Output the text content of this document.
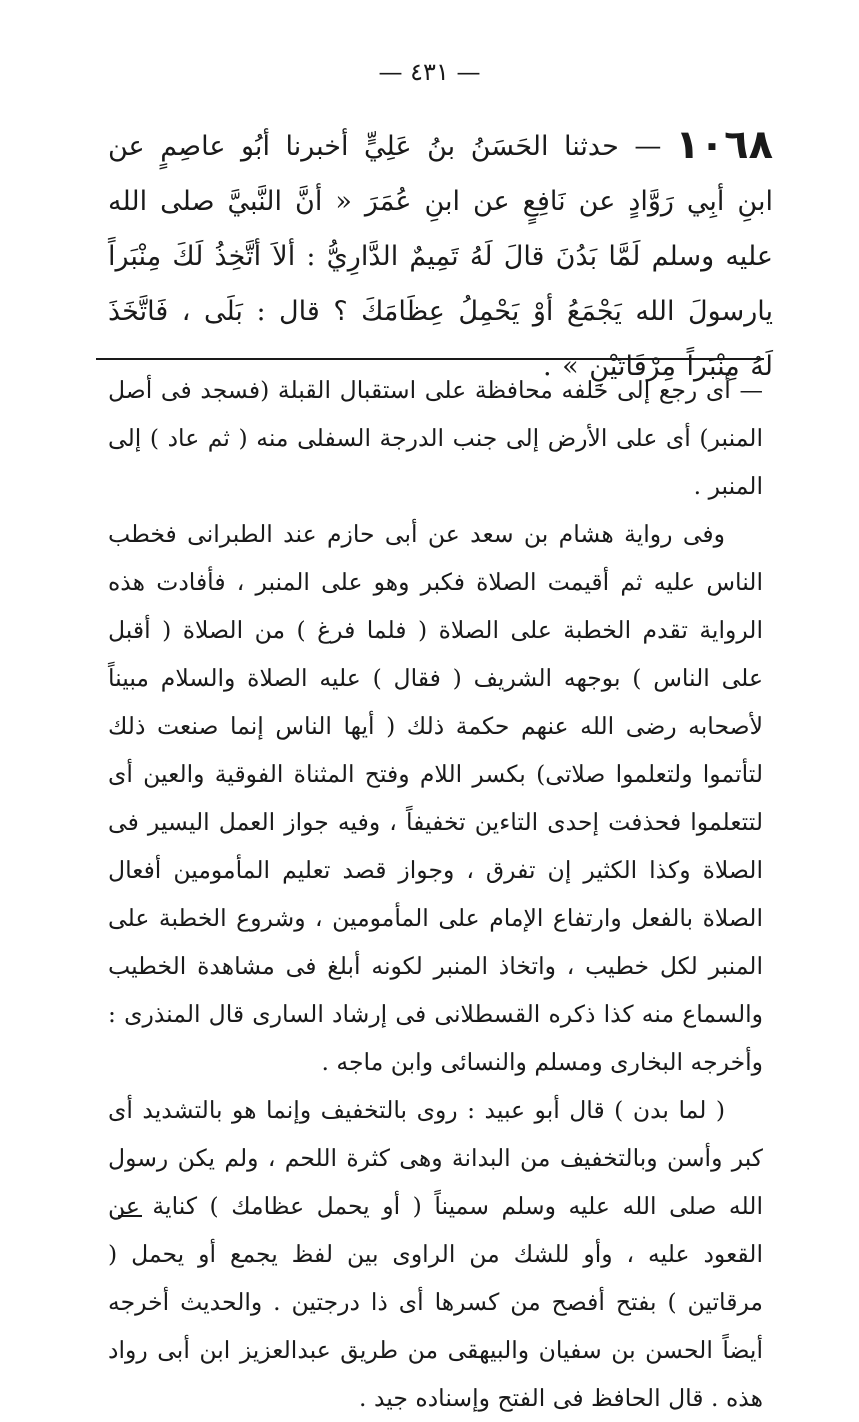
— ٤٣١ —
١٠٦٨— حدثنا الحَسَنُ بنُ عَلِيٍّ أخبرنا أبُو عاصِمٍ عن ابنِ أبِي رَوَّادٍ عن نَافِعٍ عن ابنِ عُمَرَ « أنَّ النَّبيَّ صلى الله عليه وسلم لَمَّا بَدُنَ قالَ لَهُ تَمِيمٌ الدَّارِيُّ : ألاَ أتَّخِذُ لَكَ مِنْبَراً يارسولَ الله يَجْمَعُ أوْ يَحْمِلُ عِظَامَكَ ؟ قال : بَلَى ، فَاتَّخَذَ لَهُ مِنْبَراً مِرْقَاتَيْنِ » .

— أى رجع إلى خلفه محافظة على استقبال القبلة (فسجد فى أصل المنبر) أى على الأرض إلى جنب الدرجة السفلى منه ( ثم عاد ) إلى المنبر .

وفى رواية هشام بن سعد عن أبى حازم عند الطبرانى فخطب الناس عليه ثم أقيمت الصلاة فكبر وهو على المنبر ، فأفادت هذه الرواية تقدم الخطبة على الصلاة ( فلما فرغ ) من الصلاة ( أقبل على الناس ) بوجهه الشريف ( فقال ) عليه الصلاة والسلام مبيناً لأصحابه رضى الله عنهم حكمة ذلك ( أيها الناس إنما صنعت ذلك لتأتموا ولتعلموا صلاتى) بكسر اللام وفتح المثناة الفوقية والعين أى لتتعلموا فحذفت إحدى التاءين تخفيفاً ، وفيه جواز العمل اليسير فى الصلاة وكذا الكثير إن تفرق ، وجواز قصد تعليم المأمومين أفعال الصلاة بالفعل وارتفاع الإمام على المأمومين ، وشروع الخطبة على المنبر لكل خطيب ، واتخاذ المنبر لكونه أبلغ فى مشاهدة الخطيب والسماع منه كذا ذكره القسطلانى فى إرشاد السارى قال المنذرى : وأخرجه البخارى ومسلم والنسائى وابن ماجه .

( لما بدن ) قال أبو عبيد : روى بالتخفيف وإنما هو بالتشديد أى كبر وأسن وبالتخفيف من البدانة وهى كثرة اللحم ، ولم يكن رسول الله صلى الله عليه وسلم سميناً ( أو يحمل عظامك ) كناية عن القعود عليه ، وأو للشك من الراوى بين لفظ يجمع أو يحمل ( مرقاتين ) بفتح أفصح من كسرها أى ذا درجتين . والحديث أخرجه أيضاً الحسن بن سفيان والبيهقى من طريق عبدالعزيز ابن أبى رواد هذه . قال الحافظ فى الفتح وإسناده جيد .
